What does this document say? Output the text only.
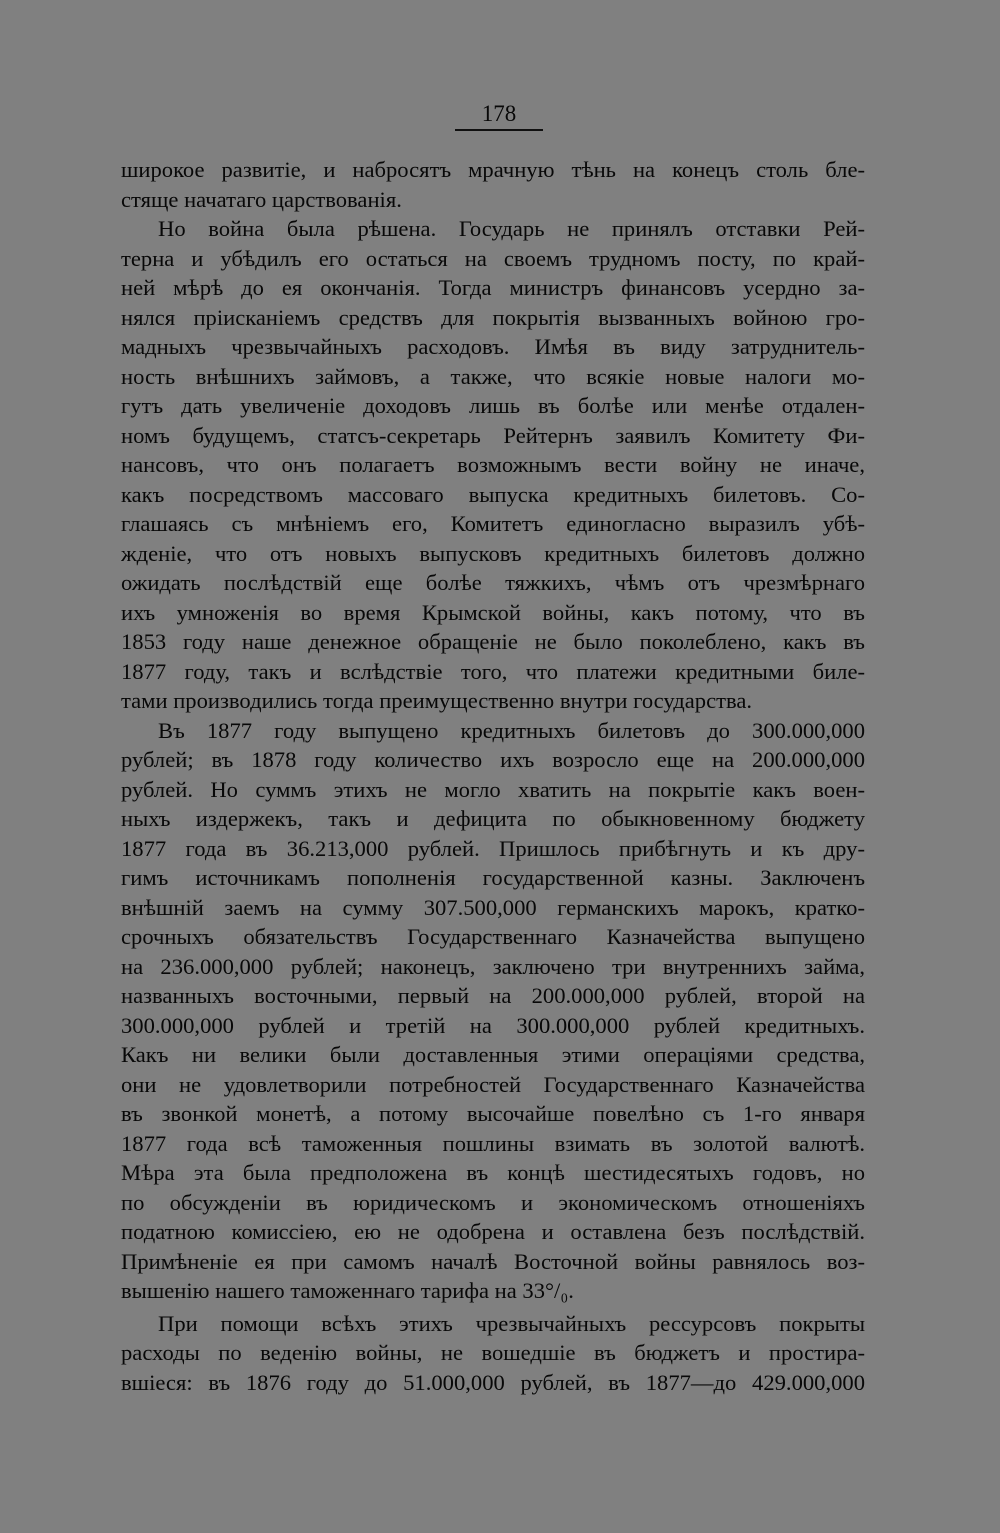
178
широкое развитіе, и набросятъ мрачную тѣнь на конецъ столь бле-
стяще начатаго царствованія.
Но война была рѣшена. Государь не принялъ отставки Рей-
терна и убѣдилъ его остаться на своемъ трудномъ посту, по край-
ней мѣрѣ до ея окончанія. Тогда министръ финансовъ усердно за-
нялся пріисканіемъ средствъ для покрытія вызванныхъ войною гро-
мадныхъ чрезвычайныхъ расходовъ. Имѣя въ виду затруднитель-
ность внѣшнихъ займовъ, а также, что всякіе новые налоги мо-
гутъ дать увеличеніе доходовъ лишь въ болѣе или менѣе отдален-
номъ будущемъ, статсъ-секретарь Рейтернъ заявилъ Комитету Фи-
нансовъ, что онъ полагаетъ возможнымъ вести войну не иначе,
какъ посредствомъ массоваго выпуска кредитныхъ билетовъ. Со-
глашаясь съ мнѣніемъ его, Комитетъ единогласно выразилъ убѣ-
жденіе, что отъ новыхъ выпусковъ кредитныхъ билетовъ должно
ожидать послѣдствій еще болѣе тяжкихъ, чѣмъ отъ чрезмѣрнаго
ихъ умноженія во время Крымской войны, какъ потому, что въ
1853 году наше денежное обращеніе не было поколеблено, какъ въ
1877 году, такъ и вслѣдствіе того, что платежи кредитными биле-
тами производились тогда преимущественно внутри государства.
Въ 1877 году выпущено кредитныхъ билетовъ до 300.000,000
рублей; въ 1878 году количество ихъ возросло еще на 200.000,000
рублей. Но суммъ этихъ не могло хватить на покрытіе какъ воен-
ныхъ издержекъ, такъ и дефицита по обыкновенному бюджету
1877 года въ 36.213,000 рублей. Пришлось прибѣгнуть и къ дру-
гимъ источникамъ пополненія государственной казны. Заключенъ
внѣшній заемъ на сумму 307.500,000 германскихъ марокъ, кратко-
срочныхъ обязательствъ Государственнаго Казначейства выпущено
на 236.000,000 рублей; наконецъ, заключено три внутреннихъ займа,
названныхъ восточными, первый на 200.000,000 рублей, второй на
300.000,000 рублей и третій на 300.000,000 рублей кредитныхъ.
Какъ ни велики были доставленныя этими операціями средства,
они не удовлетворили потребностей Государственнаго Казначейства
въ звонкой монетѣ, а потому высочайше повелѣно съ 1-го января
1877 года всѣ таможенныя пошлины взимать въ золотой валютѣ.
Мѣра эта была предположена въ концѣ шестидесятыхъ годовъ, но
по обсужденіи въ юридическомъ и экономическомъ отношеніяхъ
податною комиссіею, ею не одобрена и оставлена безъ послѣдствій.
Примѣненіе ея при самомъ началѣ Восточной войны равнялось воз-
вышенію нашего таможеннаго тарифа на 33°/₀.
При помощи всѣхъ этихъ чрезвычайныхъ рессурсовъ покрыты
расходы по веденію войны, не вошедшіе въ бюджетъ и простира-
вшіеся: въ 1876 году до 51.000,000 рублей, въ 1877—до 429.000,000
